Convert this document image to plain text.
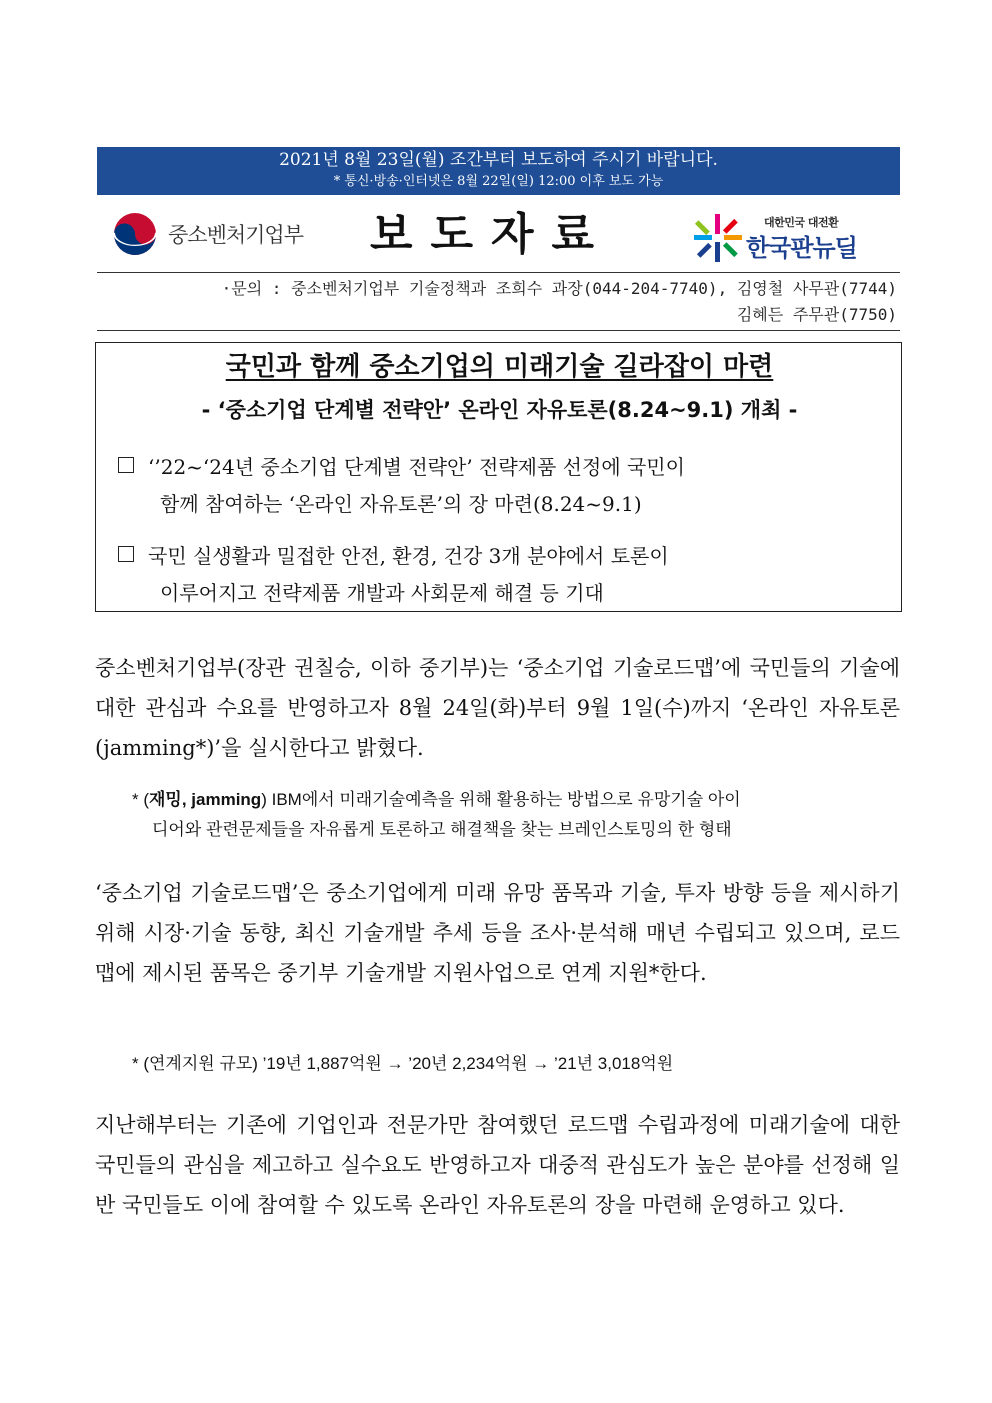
2021년 8월 23일(월) 조간부터 보도하여 주시기 바랍니다.
* 통신·방송·인터넷은 8월 22일(일) 12:00 이후 보도 가능
중소벤처기업부 보도자료	대한민국 대전환
한국판뉴딜
·문의 : 중소벤처기업부 기술정책과 조희수 과장(044-204-7740), 김영철 사무관(7744)
김혜든 주무관(7750)
국민과 함께 중소기업의 미래기술 길라잡이 마련
- ‘중소기업 단계별 전략안’ 온라인 자유토론(8.24~9.1) 개최 -
‘’22~‘24년 중소기업 단계별 전략안’ 전략제품 선정에 국민이
함께 참여하는 ‘온라인 자유토론’의 장 마련(8.24~9.1)
국민 실생활과 밀접한 안전, 환경, 건강 3개 분야에서 토론이
이루어지고 전략제품 개발과 사회문제 해결 등 기대
중소벤처기업부(장관 권칠승, 이하 중기부)는 ‘중소기업 기술로드맵’에 국민들의 기술에 대한 관심과 수요를 반영하고자 8월 24일(화)부터 9월 1일(수)까지 ‘온라인 자유토론(jamming*)’을 실시한다고 밝혔다.
* (재밍, jamming) IBM에서 미래기술예측을 위해 활용하는 방법으로 유망기술 아이
디어와 관련문제들을 자유롭게 토론하고 해결책을 찾는 브레인스토밍의 한 형태
‘중소기업 기술로드맵’은 중소기업에게 미래 유망 품목과 기술, 투자 방향 등을 제시하기 위해 시장·기술 동향, 최신 기술개발 추세 등을 조사·분석해 매년 수립되고 있으며, 로드맵에 제시된 품목은 중기부 기술개발 지원사업으로 연계 지원*한다.
* (연계지원 규모) ’19년 1,887억원 → ’20년 2,234억원 → ’21년 3,018억원
지난해부터는 기존에 기업인과 전문가만 참여했던 로드맵 수립과정에 미래기술에 대한 국민들의 관심을 제고하고 실수요도 반영하고자 대중적 관심도가 높은 분야를 선정해 일반 국민들도 이에 참여할 수 있도록 온라인 자유토론의 장을 마련해 운영하고 있다.
